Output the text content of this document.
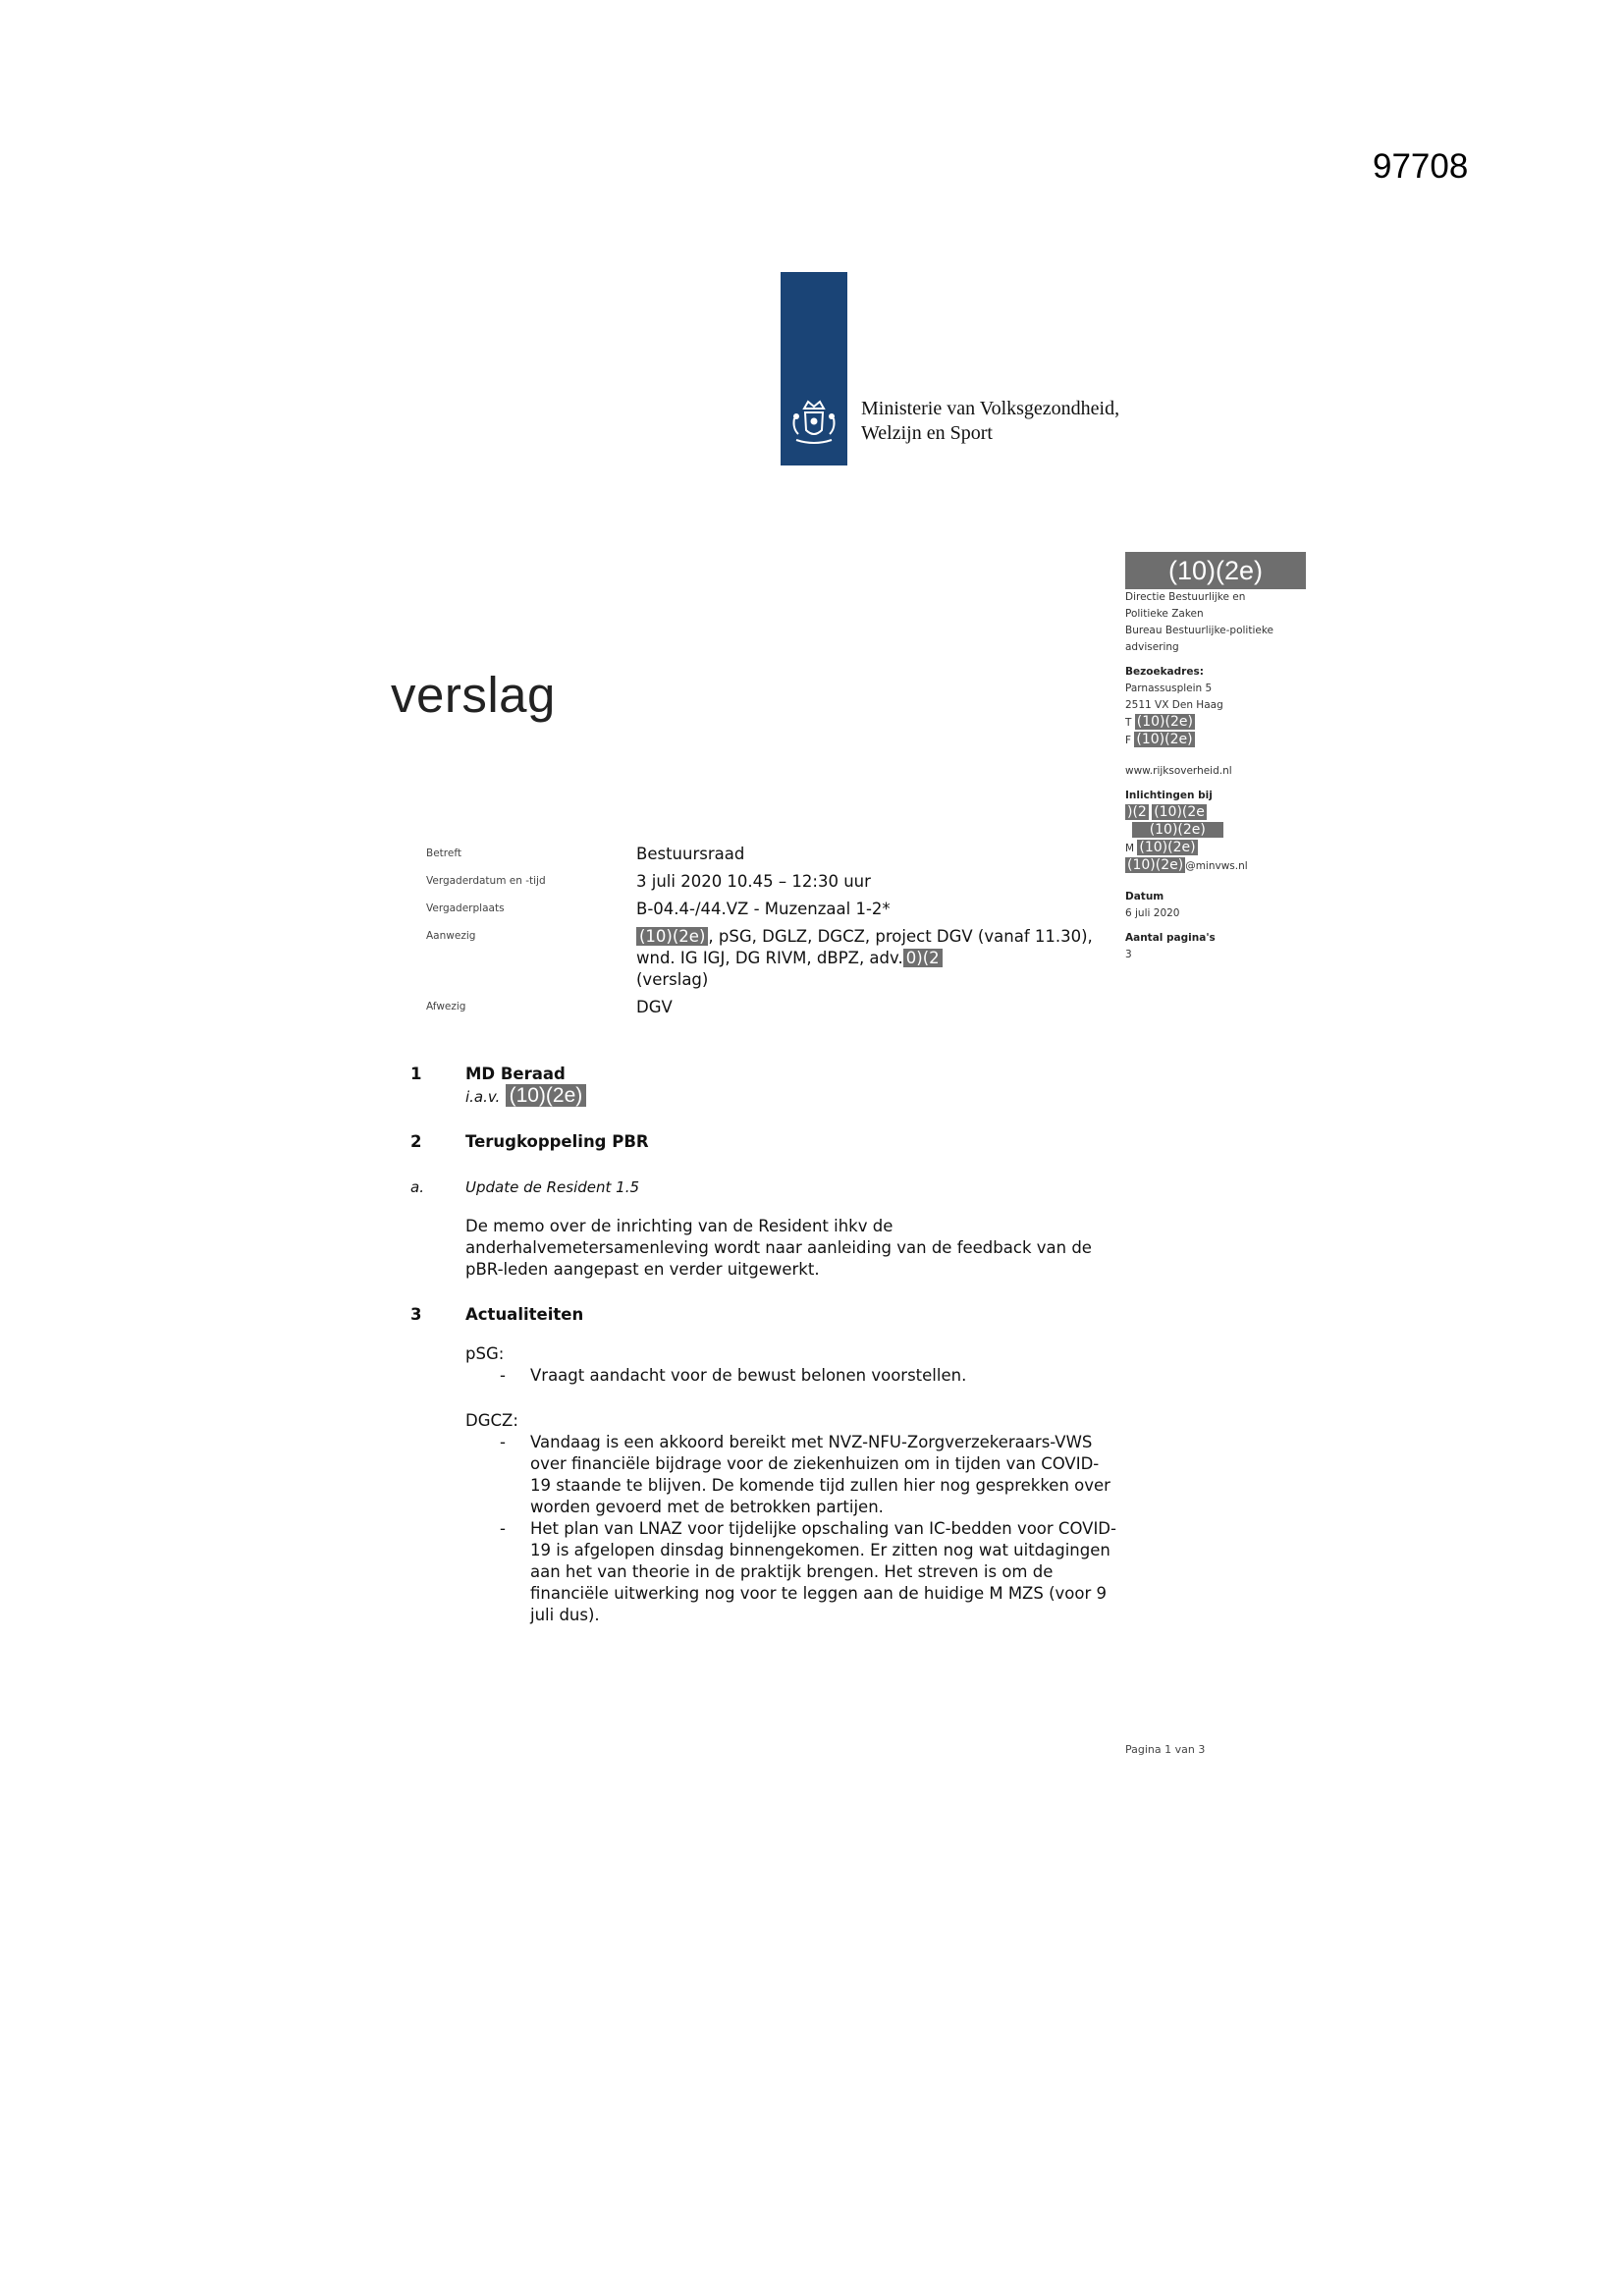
97708
Ministerie van Volksgezondheid,
Welzijn en Sport
verslag
(10)(2e)
Directie Bestuurlijke en
Politieke Zaken
Bureau Bestuurlijke-politieke
advisering
Bezoekadres:
Parnassusplein 5
2511 VX Den Haag
T (10)(2e)
F (10)(2e)
www.rijksoverheid.nl
Inlichtingen bij
)(2 (10)(2e
(10)(2e)
M (10)(2e)
(10)(2e) @minvws.nl
Datum
6 juli 2020
Aantal pagina's
3
Betreft	Bestuursraad
Vergaderdatum en -tijd	3 juli 2020 10.45 – 12:30 uur
Vergaderplaats	B-04.4-/44.VZ - Muzenzaal 1-2*
Aanwezig	(10)(2e) , pSG, DGLZ, DGCZ, project DGV (vanaf 11.30), wnd. IG IGJ, DG RIVM, dBPZ, adv. 0)(2
(verslag)
Afwezig	DGV
1	MD Beraad
i.a.v. (10)(2e)
2	Terugkoppeling PBR
a.	Update de Resident 1.5
De memo over de inrichting van de Resident ihkv de anderhalvemetersamenleving wordt naar aanleiding van de feedback van de pBR-leden aangepast en verder uitgewerkt.
3	Actualiteiten
pSG:
- Vraagt aandacht voor de bewust belonen voorstellen.
DGCZ:
- Vandaag is een akkoord bereikt met NVZ-NFU-Zorgverzekeraars-VWS over financiële bijdrage voor de ziekenhuizen om in tijden van COVID-19 staande te blijven. De komende tijd zullen hier nog gesprekken over worden gevoerd met de betrokken partijen.
- Het plan van LNAZ voor tijdelijke opschaling van IC-bedden voor COVID-19 is afgelopen dinsdag binnengekomen. Er zitten nog wat uitdagingen aan het van theorie in de praktijk brengen. Het streven is om de financiële uitwerking nog voor te leggen aan de huidige M MZS (voor 9 juli dus).
Pagina 1 van 3
